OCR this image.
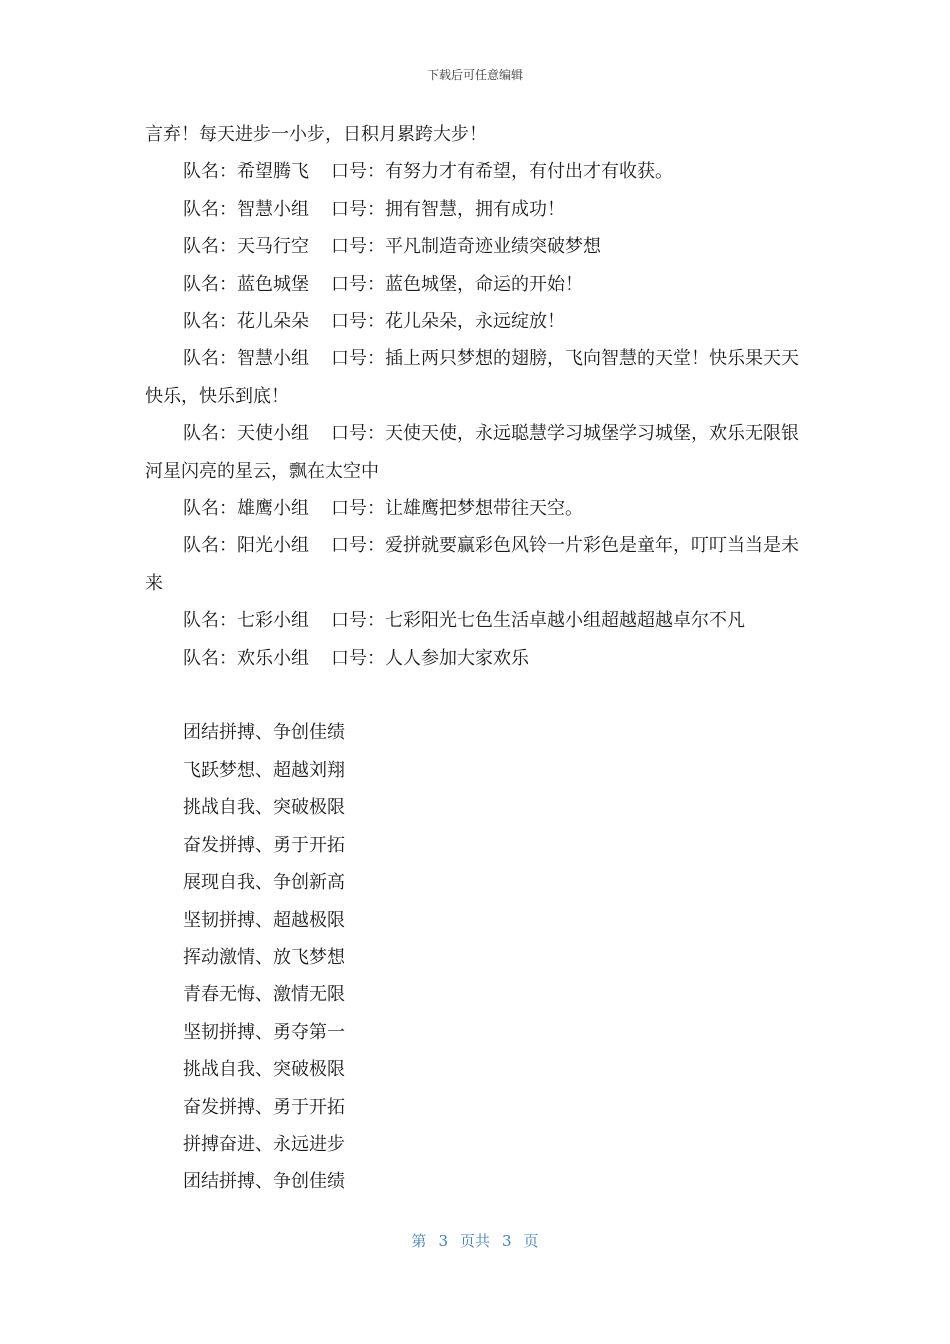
下载后可任意编辑
言弃！每天进步一小步，日积月累跨大步！
队名：希望腾飞 口号：有努力才有希望，有付出才有收获。
队名：智慧小组 口号：拥有智慧，拥有成功！
队名：天马行空 口号：平凡制造奇迹业绩突破梦想
队名：蓝色城堡 口号：蓝色城堡，命运的开始！
队名：花儿朵朵 口号：花儿朵朵，永远绽放！
队名：智慧小组 口号：插上两只梦想的翅膀，飞向智慧的天堂！快乐果天天快乐，快乐到底！
队名：天使小组 口号：天使天使，永远聪慧学习城堡学习城堡，欢乐无限银河星闪亮的星云，飘在太空中
队名：雄鹰小组 口号：让雄鹰把梦想带往天空。
队名：阳光小组 口号：爱拼就要赢彩色风铃一片彩色是童年，叮叮当当是未来
队名：七彩小组 口号：七彩阳光七色生活卓越小组超越超越卓尔不凡
队名：欢乐小组 口号：人人参加大家欢乐
团结拼搏、争创佳绩
飞跃梦想、超越刘翔
挑战自我、突破极限
奋发拼搏、勇于开拓
展现自我、争创新高
坚韧拼搏、超越极限
挥动激情、放飞梦想
青春无悔、激情无限
坚韧拼搏、勇夺第一
挑战自我、突破极限
奋发拼搏、勇于开拓
拼搏奋进、永远进步
团结拼搏、争创佳绩
第 3 页共 3 页
